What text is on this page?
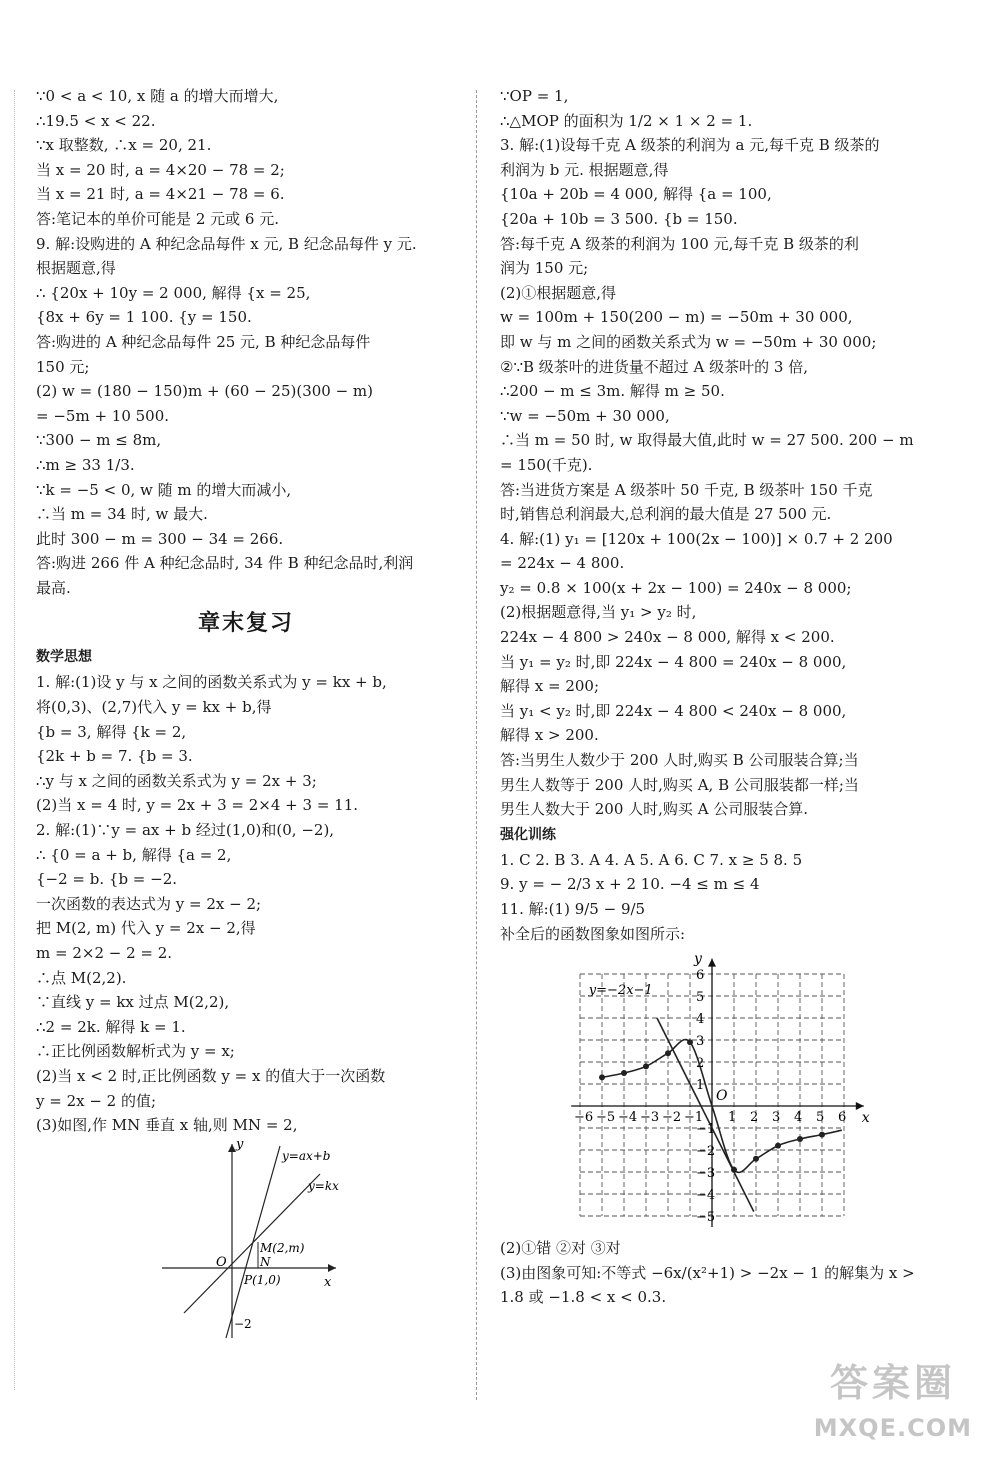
∵0 < a < 10, x 随 a 的增大而增大,
∴19.5 < x < 22.
∵x 取整数, ∴x = 20, 21.
当 x = 20 时, a = 4×20 − 78 = 2;
当 x = 21 时, a = 4×21 − 78 = 6.
答:笔记本的单价可能是 2 元或 6 元.
9. 解:设购进的 A 种纪念品每件 x 元, B 纪念品每件 y 元.
根据题意,得
∴ {20x + 10y = 2 000, 解得 {x = 25,
{8x + 6y = 1 100. {y = 150.
答:购进的 A 种纪念品每件 25 元, B 种纪念品每件
150 元;
(2) w = (180 − 150)m + (60 − 25)(300 − m)
= −5m + 10 500.
∵300 − m ≤ 8m,
∴m ≥ 33 1/3.
∵k = −5 < 0, w 随 m 的增大而减小,
∴当 m = 34 时, w 最大.
此时 300 − m = 300 − 34 = 266.
答:购进 266 件 A 种纪念品时, 34 件 B 种纪念品时,利润
最高.
章末复习
数学思想
1. 解:(1)设 y 与 x 之间的函数关系式为 y = kx + b,
将(0,3)、(2,7)代入 y = kx + b,得
{b = 3, 解得 {k = 2,
{2k + b = 7. {b = 3.
∴y 与 x 之间的函数关系式为 y = 2x + 3;
(2)当 x = 4 时, y = 2x + 3 = 2×4 + 3 = 11.
2. 解:(1)∵y = ax + b 经过(1,0)和(0, −2),
∴ {0 = a + b, 解得 {a = 2,
{−2 = b. {b = −2.
一次函数的表达式为 y = 2x − 2;
把 M(2, m) 代入 y = 2x − 2,得
m = 2×2 − 2 = 2.
∴点 M(2,2).
∵直线 y = kx 过点 M(2,2),
∴2 = 2k. 解得 k = 1.
∴正比例函数解析式为 y = x;
(2)当 x < 2 时,正比例函数 y = x 的值大于一次函数
y = 2x − 2 的值;
(3)如图,作 MN 垂直 x 轴,则 MN = 2,
y
y=ax+b
y=kx
M(2,m)
O	N
P(1,0)	x
−2
∵OP = 1,
∴△MOP 的面积为 1/2 × 1 × 2 = 1.
3. 解:(1)设每千克 A 级茶的利润为 a 元,每千克 B 级茶的
利润为 b 元. 根据题意,得
{10a + 20b = 4 000, 解得 {a = 100,
{20a + 10b = 3 500. {b = 150.
答:每千克 A 级茶的利润为 100 元,每千克 B 级茶的利
润为 150 元;
(2)①根据题意,得
w = 100m + 150(200 − m) = −50m + 30 000,
即 w 与 m 之间的函数关系式为 w = −50m + 30 000;
②∵B 级茶叶的进货量不超过 A 级茶叶的 3 倍,
∴200 − m ≤ 3m. 解得 m ≥ 50.
∵w = −50m + 30 000,
∴当 m = 50 时, w 取得最大值,此时 w = 27 500. 200 − m
= 150(千克).
答:当进货方案是 A 级茶叶 50 千克, B 级茶叶 150 千克
时,销售总利润最大,总利润的最大值是 27 500 元.
4. 解:(1) y₁ = [120x + 100(2x − 100)] × 0.7 + 2 200
= 224x − 4 800.
y₂ = 0.8 × 100(x + 2x − 100) = 240x − 8 000;
(2)根据题意得,当 y₁ > y₂ 时,
224x − 4 800 > 240x − 8 000, 解得 x < 200.
当 y₁ = y₂ 时,即 224x − 4 800 = 240x − 8 000,
解得 x = 200;
当 y₁ < y₂ 时,即 224x − 4 800 < 240x − 8 000,
解得 x > 200.
答:当男生人数少于 200 人时,购买 B 公司服装合算;当
男生人数等于 200 人时,购买 A, B 公司服装都一样;当
男生人数大于 200 人时,购买 A 公司服装合算.
强化训练
1. C 2. B 3. A 4. A 5. A 6. C 7. x ≥ 5 8. 5
9. y = − 2/3 x + 2 10. −4 ≤ m ≤ 4
11. 解:(1) 9/5 − 9/5
补全后的函数图象如图所示:
−6 −5 −4 −3 −2 −1 1 2 3 4 5 6
6
5
4
3
2
1
−1
−2
−3
−4
−5
x
y
O
y=−2x−1
(2)①错 ②对 ③对
(3)由图象可知:不等式 −6x/(x²+1) > −2x − 1 的解集为 x >
1.8 或 −1.8 < x < 0.3.
答案圈
MXQE.COM
